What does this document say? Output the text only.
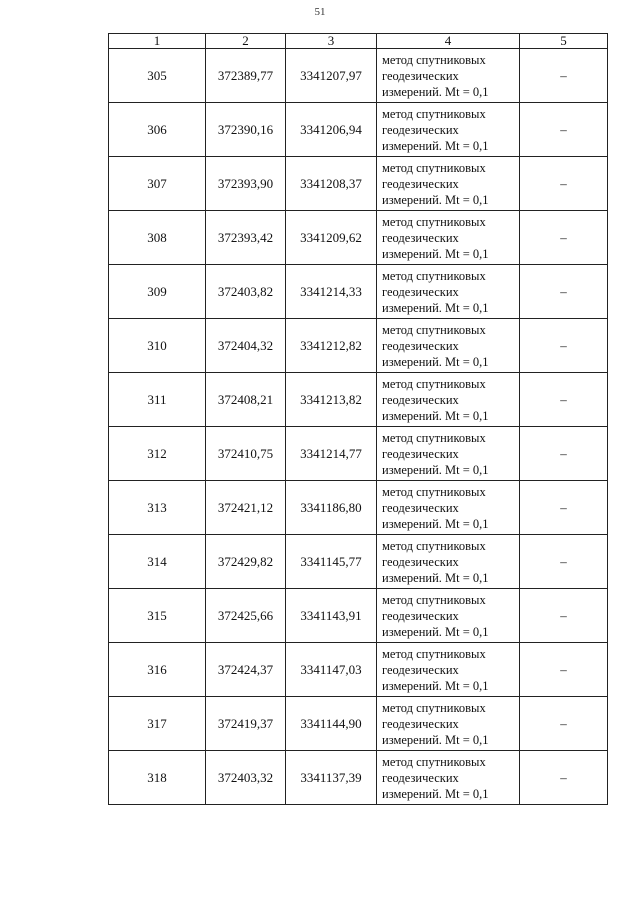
51
1	2	3	4	5
305	372389,77	3341207,97	метод спутниковых
геодезических
измерений. Mt = 0,1	–
306	372390,16	3341206,94	метод спутниковых
геодезических
измерений. Mt = 0,1	–
307	372393,90	3341208,37	метод спутниковых
геодезических
измерений. Mt = 0,1	–
308	372393,42	3341209,62	метод спутниковых
геодезических
измерений. Mt = 0,1	–
309	372403,82	3341214,33	метод спутниковых
геодезических
измерений. Mt = 0,1	–
310	372404,32	3341212,82	метод спутниковых
геодезических
измерений. Mt = 0,1	–
311	372408,21	3341213,82	метод спутниковых
геодезических
измерений. Mt = 0,1	–
312	372410,75	3341214,77	метод спутниковых
геодезических
измерений. Mt = 0,1	–
313	372421,12	3341186,80	метод спутниковых
геодезических
измерений. Mt = 0,1	–
314	372429,82	3341145,77	метод спутниковых
геодезических
измерений. Mt = 0,1	–
315	372425,66	3341143,91	метод спутниковых
геодезических
измерений. Mt = 0,1	–
316	372424,37	3341147,03	метод спутниковых
геодезических
измерений. Mt = 0,1	–
317	372419,37	3341144,90	метод спутниковых
геодезических
измерений. Mt = 0,1	–
318	372403,32	3341137,39	метод спутниковых
геодезических
измерений. Mt = 0,1	–
